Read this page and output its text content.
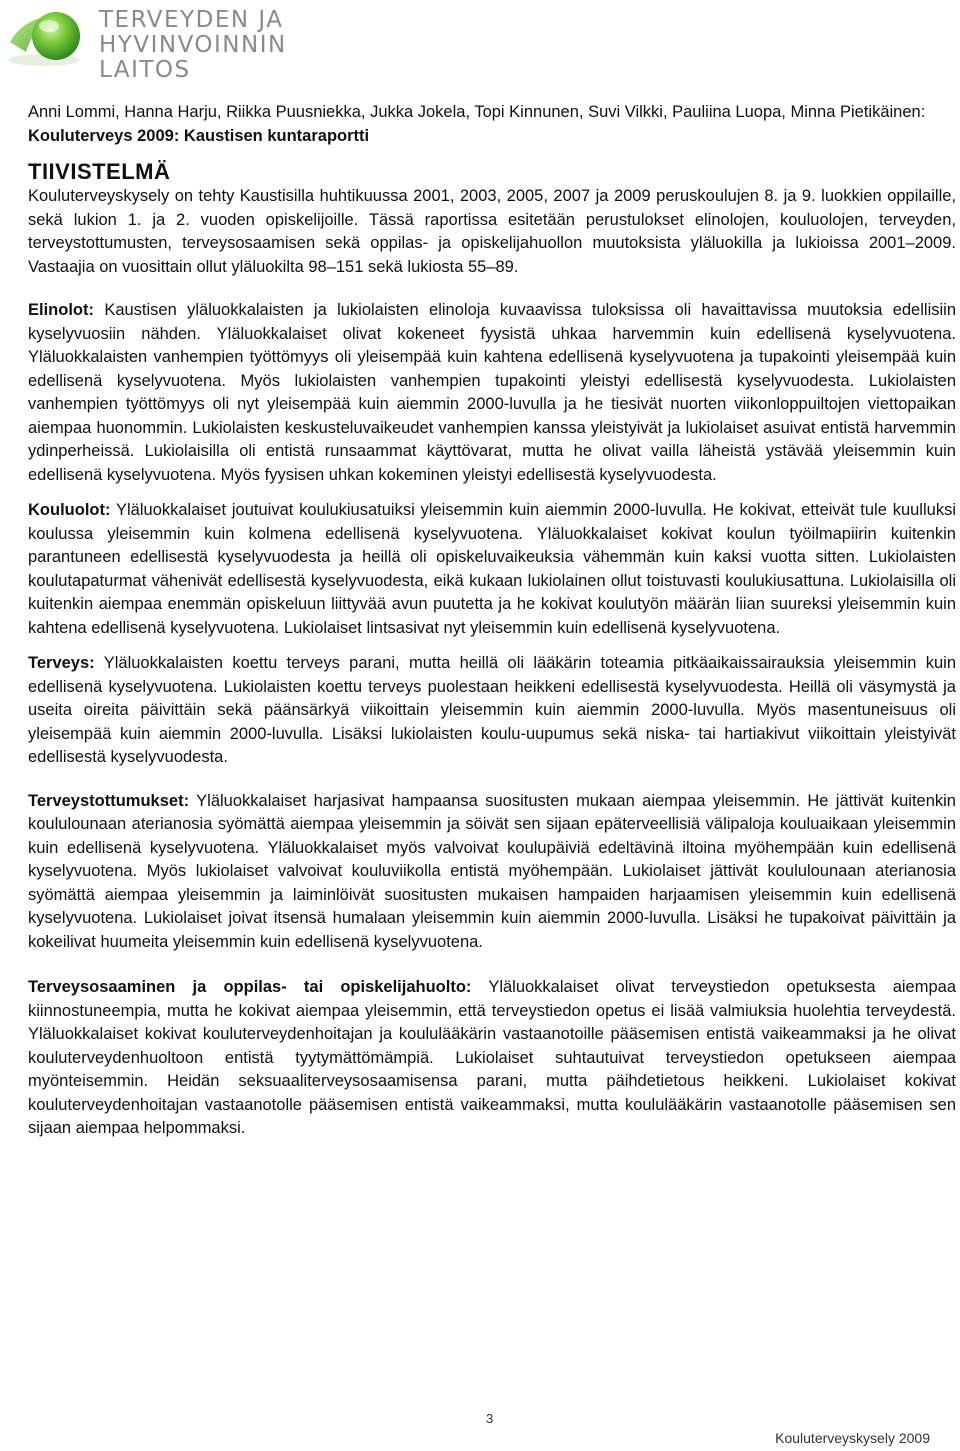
TERVEYDEN JA
HYVINVOINNIN LAITOS
Anni Lommi, Hanna Harju, Riikka Puusniekka, Jukka Jokela, Topi Kinnunen, Suvi Vilkki, Pauliina Luopa, Minna Pietikäinen: Kouluterveys 2009: Kaustisen kuntaraportti
TIIVISTELMÄ

Kouluterveyskysely on tehty Kaustisilla huhtikuussa 2001, 2003, 2005, 2007 ja 2009 peruskoulujen 8. ja 9. luokkien oppilaille, sekä lukion 1. ja 2. vuoden opiskelijoille. Tässä raportissa esitetään perustulokset elinolojen, kouluolojen, terveyden, terveystottumusten, terveysosaamisen sekä oppilas- ja opiskelijahuollon muutoksista yläluokilla ja lukioissa 2001–2009. Vastaajia on vuosittain ollut yläluokilta 98–151 sekä lukiosta 55–89.

Elinolot: Kaustisen yläluokkalaisten ja lukiolaisten elinoloja kuvaavissa tuloksissa oli havaittavissa muutoksia edellisiin kyselyvuosiin nähden. Yläluokkalaiset olivat kokeneet fyysistä uhkaa harvemmin kuin edellisenä kyselyvuotena. Yläluokkalaisten vanhempien työttömyys oli yleisempää kuin kahtena edellisenä kyselyvuotena ja tupakointi yleisempää kuin edellisenä kyselyvuotena. Myös lukiolaisten vanhempien tupakointi yleistyi edellisestä kyselyvuodesta. Lukiolaisten vanhempien työttömyys oli nyt yleisempää kuin aiemmin 2000-luvulla ja he tiesivät nuorten viikonloppuiltojen viettopaikan aiempaa huonommin. Lukiolaisten keskusteluvaikeudet vanhempien kanssa yleistyivät ja lukiolaiset asuivat entistä harvemmin ydinperheissä. Lukiolaisilla oli entistä runsaammat käyttövarat, mutta he olivat vailla läheistä ystävää yleisemmin kuin edellisenä kyselyvuotena. Myös fyysisen uhkan kokeminen yleistyi edellisestä kyselyvuodesta.

Kouluolot: Yläluokkalaiset joutuivat koulukiusatuiksi yleisemmin kuin aiemmin 2000-luvulla. He kokivat, etteivät tule kuulluksi koulussa yleisemmin kuin kolmena edellisenä kyselyvuotena. Yläluokkalaiset kokivat koulun työilmapiirin kuitenkin parantuneen edellisestä kyselyvuodesta ja heillä oli opiskeluvaikeuksia vähemmän kuin kaksi vuotta sitten. Lukiolaisten koulutapaturmat vähenivät edellisestä kyselyvuodesta, eikä kukaan lukiolainen ollut toistuvasti koulukiusattuna. Lukiolaisilla oli kuitenkin aiempaa enemmän opiskeluun liittyvää avun puutetta ja he kokivat koulutyön määrän liian suureksi yleisemmin kuin kahtena edellisenä kyselyvuotena. Lukiolaiset lintsasivat nyt yleisemmin kuin edellisenä kyselyvuotena.

Terveys: Yläluokkalaisten koettu terveys parani, mutta heillä oli lääkärin toteamia pitkäaikaissairauksia yleisemmin kuin edellisenä kyselyvuotena. Lukiolaisten koettu terveys puolestaan heikkeni edellisestä kyselyvuodesta. Heillä oli väsymystä ja useita oireita päivittäin sekä päänsärkyä viikoittain yleisemmin kuin aiemmin 2000-luvulla. Myös masentuneisuus oli yleisempää kuin aiemmin 2000-luvulla. Lisäksi lukiolaisten koulu-uupumus sekä niska- tai hartiakivut viikoittain yleistyivät edellisestä kyselyvuodesta.

Terveystottumukset: Yläluokkalaiset harjasivat hampaansa suositusten mukaan aiempaa yleisemmin. He jättivät kuitenkin koululounaan aterianosia syömättä aiempaa yleisemmin ja söivät sen sijaan epäterveellisiä välipaloja kouluaikaan yleisemmin kuin edellisenä kyselyvuotena. Yläluokkalaiset myös valvoivat koulupäiviä edeltävinä iltoina myöhempään kuin edellisenä kyselyvuotena. Myös lukiolaiset valvoivat kouluviikolla entistä myöhempään. Lukiolaiset jättivät koululounaan aterianosia syömättä aiempaa yleisemmin ja laiminlöivät suositusten mukaisen hampaiden harjaamisen yleisemmin kuin edellisenä kyselyvuotena. Lukiolaiset joivat itsensä humalaan yleisemmin kuin aiemmin 2000-luvulla. Lisäksi he tupakoivat päivittäin ja kokeilivat huumeita yleisemmin kuin edellisenä kyselyvuotena.

Terveysosaaminen ja oppilas- tai opiskelijahuolto: Yläluokkalaiset olivat terveystiedon opetuksesta aiempaa kiinnostuneempia, mutta he kokivat aiempaa yleisemmin, että terveystiedon opetus ei lisää valmiuksia huolehtia terveydestä. Yläluokkalaiset kokivat kouluterveydenhoitajan ja koululääkärin vastaanotoille pääsemisen entistä vaikeammaksi ja he olivat kouluterveydenhuoltoon entistä tyytymättömämpiä. Lukiolaiset suhtautuivat terveystiedon opetukseen aiempaa myönteisemmin. Heidän seksuaaliterveysosaamisensa parani, mutta päihdetietous heikkeni. Lukiolaiset kokivat kouluterveydenhoitajan vastaanotolle pääsemisen entistä vaikeammaksi, mutta koululääkärin vastaanotolle pääsemisen sen sijaan aiempaa helpommaksi.

3
Kouluterveyskysely 2009
